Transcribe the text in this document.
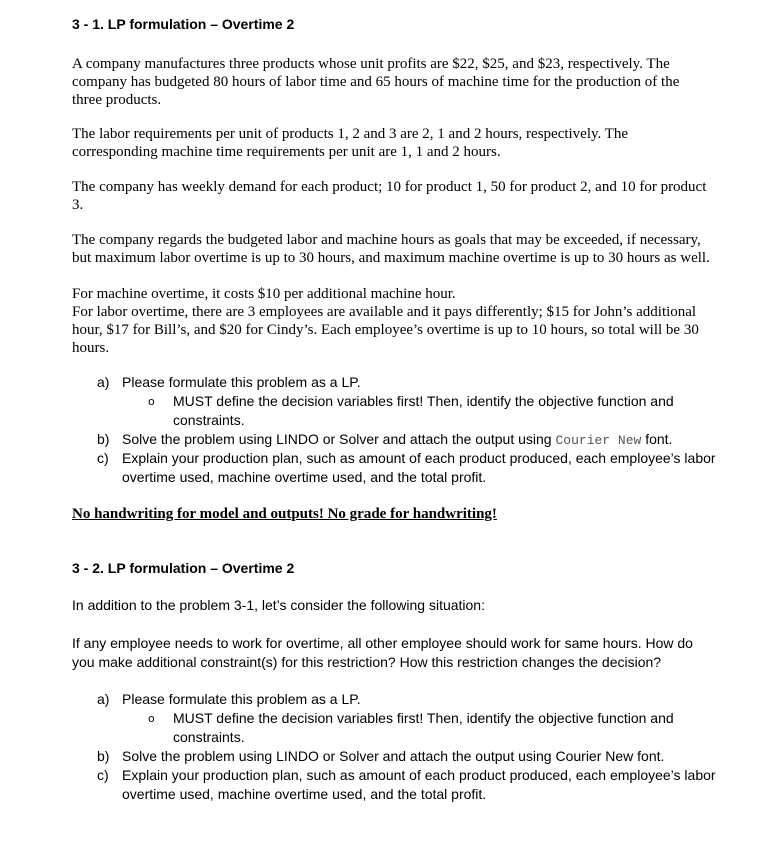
3 - 1. LP formulation – Overtime 2
A company manufactures three products whose unit profits are $22, $25, and $23, respectively. The
company has budgeted 80 hours of labor time and 65 hours of machine time for the production of the
three products.
The labor requirements per unit of products 1, 2 and 3 are 2, 1 and 2 hours, respectively. The
corresponding machine time requirements per unit are 1, 1 and 2 hours.
The company has weekly demand for each product; 10 for product 1, 50 for product 2, and 10 for product
3.
The company regards the budgeted labor and machine hours as goals that may be exceeded, if necessary,
but maximum labor overtime is up to 30 hours, and maximum machine overtime is up to 30 hours as well.
For machine overtime, it costs $10 per additional machine hour.
For labor overtime, there are 3 employees are available and it pays differently; $15 for John’s additional
hour, $17 for Bill’s, and $20 for Cindy’s. Each employee’s overtime is up to 10 hours, so total will be 30
hours.
a) Please formulate this problem as a LP.
o MUST define the decision variables first! Then, identify the objective function and
constraints.
b) Solve the problem using LINDO or Solver and attach the output using Courier New font.
c) Explain your production plan, such as amount of each product produced, each employee’s labor
overtime used, machine overtime used, and the total profit.
No handwriting for model and outputs! No grade for handwriting!
3 - 2. LP formulation – Overtime 2
In addition to the problem 3-1, let’s consider the following situation:
If any employee needs to work for overtime, all other employee should work for same hours. How do
you make additional constraint(s) for this restriction? How this restriction changes the decision?
a) Please formulate this problem as a LP.
o MUST define the decision variables first! Then, identify the objective function and
constraints.
b) Solve the problem using LINDO or Solver and attach the output using Courier New font.
c) Explain your production plan, such as amount of each product produced, each employee’s labor
overtime used, machine overtime used, and the total profit.
